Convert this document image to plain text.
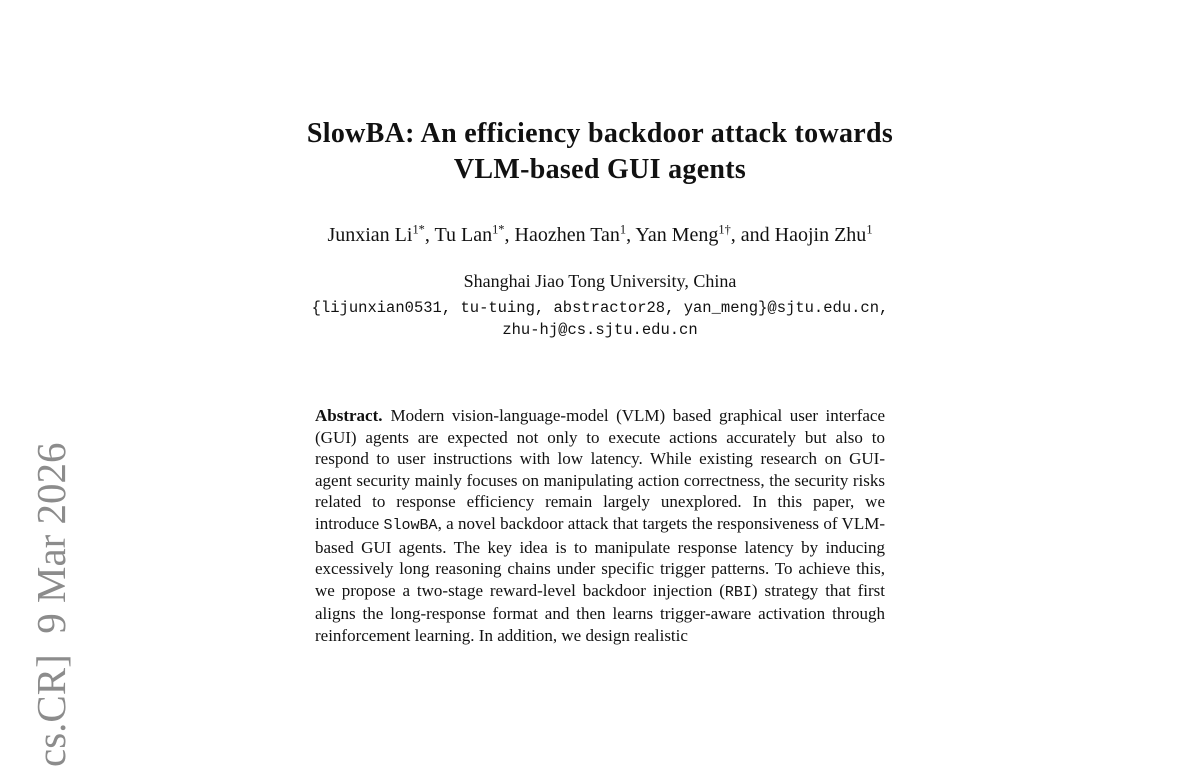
cs.CR]  9 Mar 2026
SlowBA: An efficiency backdoor attack towards
VLM-based GUI agents

Junxian $Li^{1*}$, Tu Lan$^{1*}$, Haozhen Tan$^1$, Yan Meng$^{1\dagger}$, and Haojin Zhu$^1$

Shanghai Jiao Tong University, China

{lijunxian0531, tu-tuing, abstractor28, yan_meng}@sjtu.edu.cn,
zhu-hj@cs.sjtu.edu.cn
Abstract. Modern vision-language-model (VLM) based graphical user interface (GUI) agents are expected not only to execute actions accurately but also to respond to user instructions with low latency. While existing research on GUI-agent security mainly focuses on manipulating action correctness, the security risks related to response efficiency remain largely unexplored. In this paper, we introduce SlowBA, a novel backdoor attack that targets the responsiveness of VLM-based GUI agents. The key idea is to manipulate response latency by inducing excessively long reasoning chains under specific trigger patterns. To achieve this, we propose a two-stage reward-level backdoor injection (RBI) strategy that first aligns the long-response format and then learns trigger-aware activation through reinforcement learning. In addition, we design realistic
